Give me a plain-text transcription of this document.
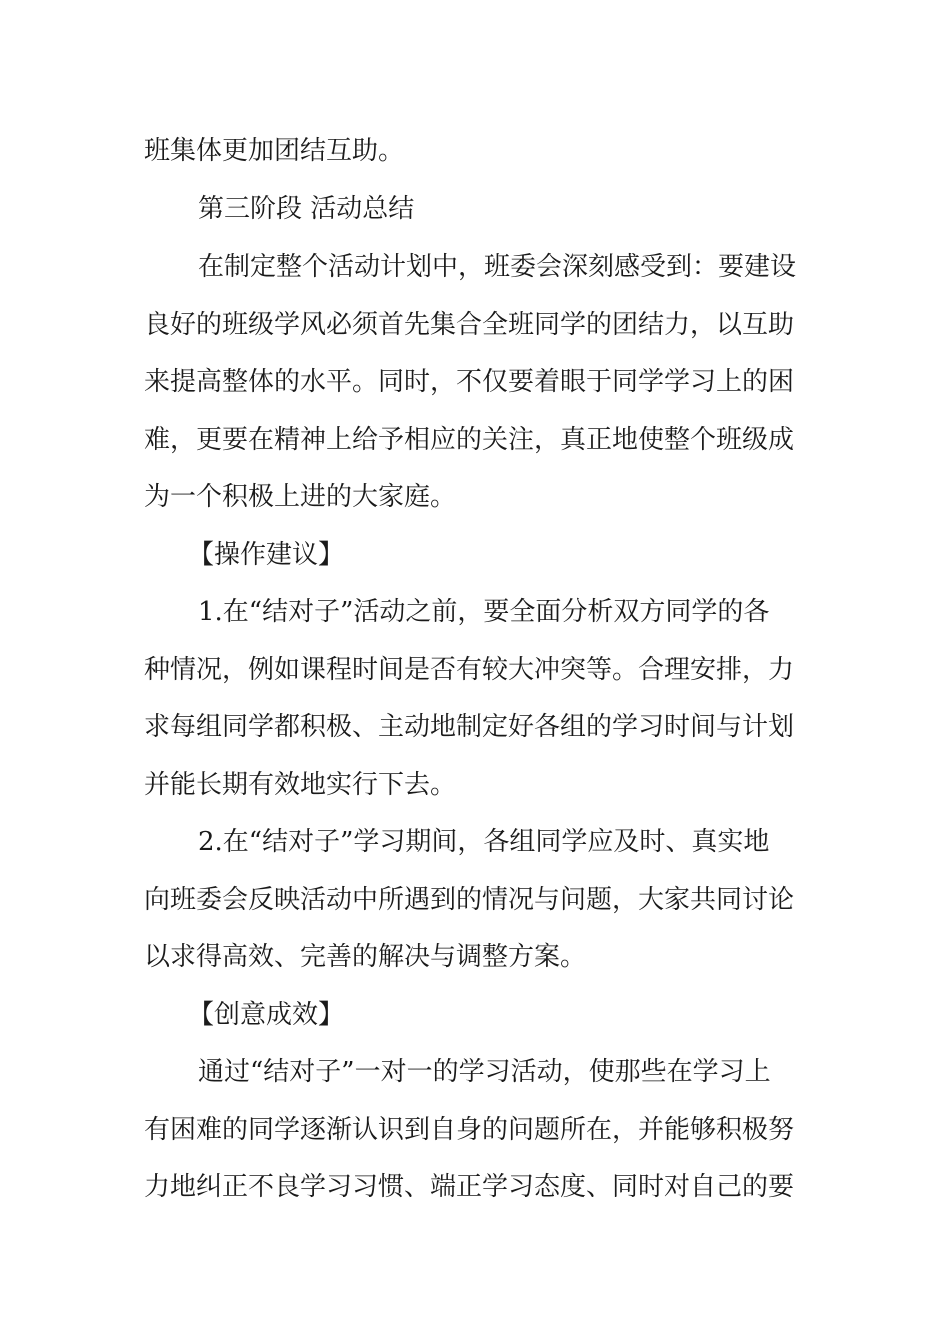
班集体更加团结互助。
第三阶段 活动总结
在制定整个活动计划中，班委会深刻感受到：要建设
良好的班级学风必须首先集合全班同学的团结力，以互助
来提高整体的水平。同时，不仅要着眼于同学学习上的困
难，更要在精神上给予相应的关注，真正地使整个班级成
为一个积极上进的大家庭。
【操作建议】
1.在“结对子”活动之前，要全面分析双方同学的各
种情况，例如课程时间是否有较大冲突等。合理安排，力
求每组同学都积极、主动地制定好各组的学习时间与计划
并能长期有效地实行下去。
2.在“结对子”学习期间，各组同学应及时、真实地
向班委会反映活动中所遇到的情况与问题，大家共同讨论
以求得高效、完善的解决与调整方案。
【创意成效】
通过“结对子”一对一的学习活动，使那些在学习上
有困难的同学逐渐认识到自身的问题所在，并能够积极努
力地纠正不良学习习惯、端正学习态度、同时对自己的要
